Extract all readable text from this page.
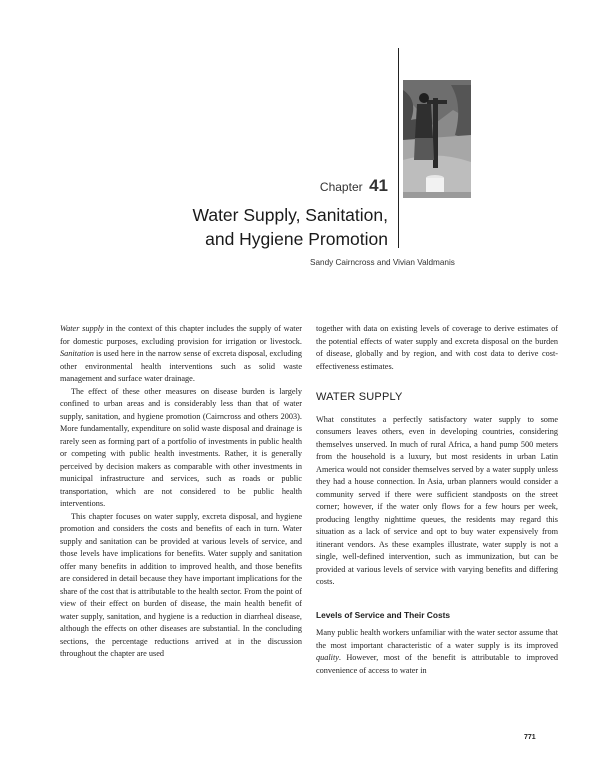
Chapter 41
Water Supply, Sanitation,
and Hygiene Promotion
Sandy Cairncross and Vivian Valdmanis

Water supply in the context of this chapter includes the supply of water for domestic purposes, excluding provision for irrigation or livestock. Sanitation is used here in the narrow sense of excreta disposal, excluding other environmental health interventions such as solid waste management and surface water drainage.

The effect of these other measures on disease burden is largely confined to urban areas and is considerably less than that of water supply, sanitation, and hygiene promotion (Cairncross and others 2003). More fundamentally, expenditure on solid waste disposal and drainage is rarely seen as forming part of a portfolio of investments in public health or competing with public health investments. Rather, it is generally perceived by decision makers as comparable with other investments in municipal infrastructure and services, such as roads or public transportation, which are not considered to be public health interventions.

This chapter focuses on water supply, excreta disposal, and hygiene promotion and considers the costs and benefits of each in turn. Water supply and sanitation can be provided at various levels of service, and those levels have implications for benefits. Water supply and sanitation offer many benefits in addition to improved health, and those benefits are considered in detail because they have important implications for the share of the cost that is attributable to the health sector. From the point of view of their effect on burden of disease, the main health benefit of water supply, sanitation, and hygiene is a reduction in diarrheal disease, although the effects on other diseases are substantial. In the concluding sections, the percentage reductions arrived at in the discussion throughout the chapter are used

together with data on existing levels of coverage to derive estimates of the potential effects of water supply and excreta disposal on the burden of disease, globally and by region, and with cost data to derive cost-effectiveness estimates.

WATER SUPPLY

What constitutes a perfectly satisfactory water supply to some consumers leaves others, even in developing countries, considering themselves unserved. In much of rural Africa, a hand pump 500 meters from the household is a luxury, but most residents in urban Latin America would not consider themselves served by a water supply unless they had a house connection. In Asia, urban planners would consider a community served if there were sufficient standposts on the street corner; however, if the water only flows for a few hours per week, producing lengthy nighttime queues, the residents may regard this situation as a lack of service and opt to buy water expensively from itinerant vendors. As these examples illustrate, water supply is not a single, well-defined intervention, such as immunization, but can be provided at various levels of service with varying benefits and differing costs.

Levels of Service and Their Costs

Many public health workers unfamiliar with the water sector assume that the most important characteristic of a water supply is its improved quality. However, most of the benefit is attributable to improved convenience of access to water in

771
